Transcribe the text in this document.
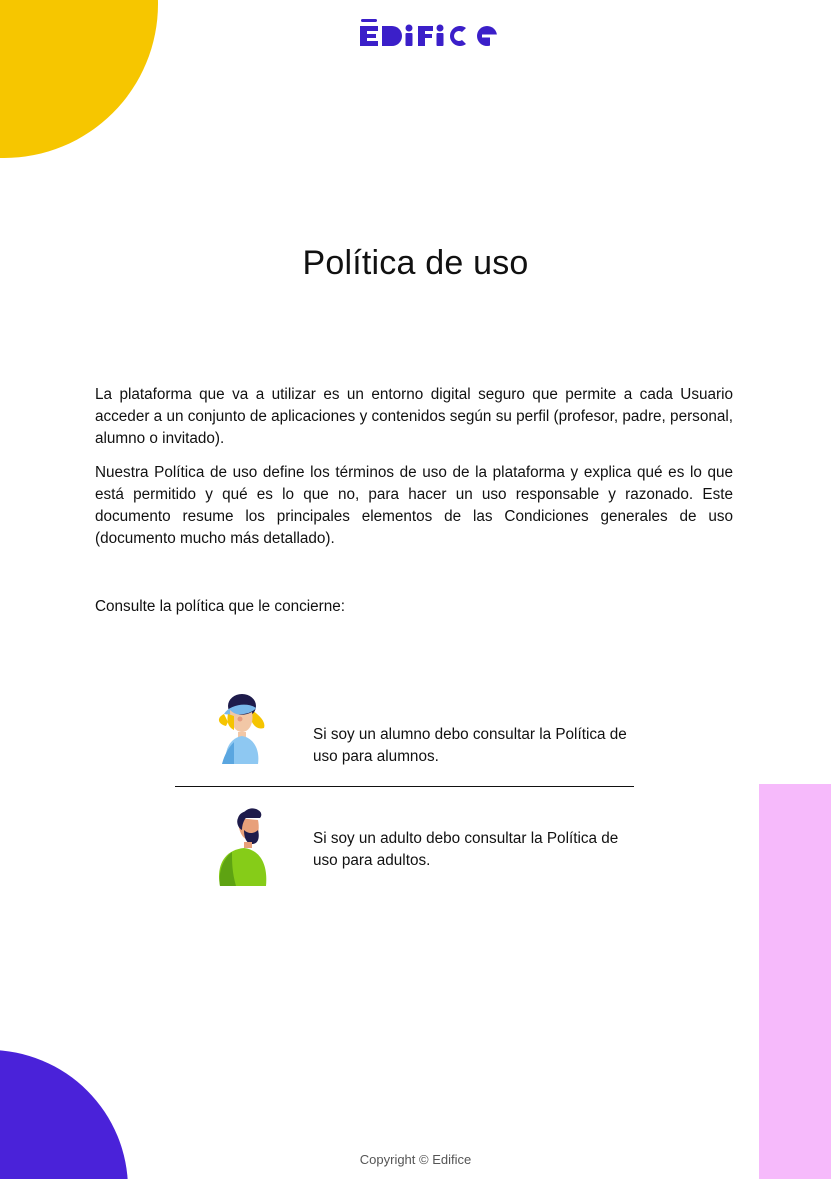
Política de uso

La plataforma que va a utilizar es un entorno digital seguro que permite a cada Usuario acceder a un conjunto de aplicaciones y contenidos según su perfil (profesor, padre, personal, alumno o invitado).

Nuestra Política de uso define los términos de uso de la plataforma y explica qué es lo que está permitido y qué es lo que no, para hacer un uso responsable y razonado. Este documento resume los principales elementos de las Condiciones generales de uso (documento mucho más detallado).

Consulte la política que le concierne:

Si soy un alumno debo consultar la Política de uso para alumnos.

Si soy un adulto debo consultar la Política de uso para adultos.

Copyright © Edifice
